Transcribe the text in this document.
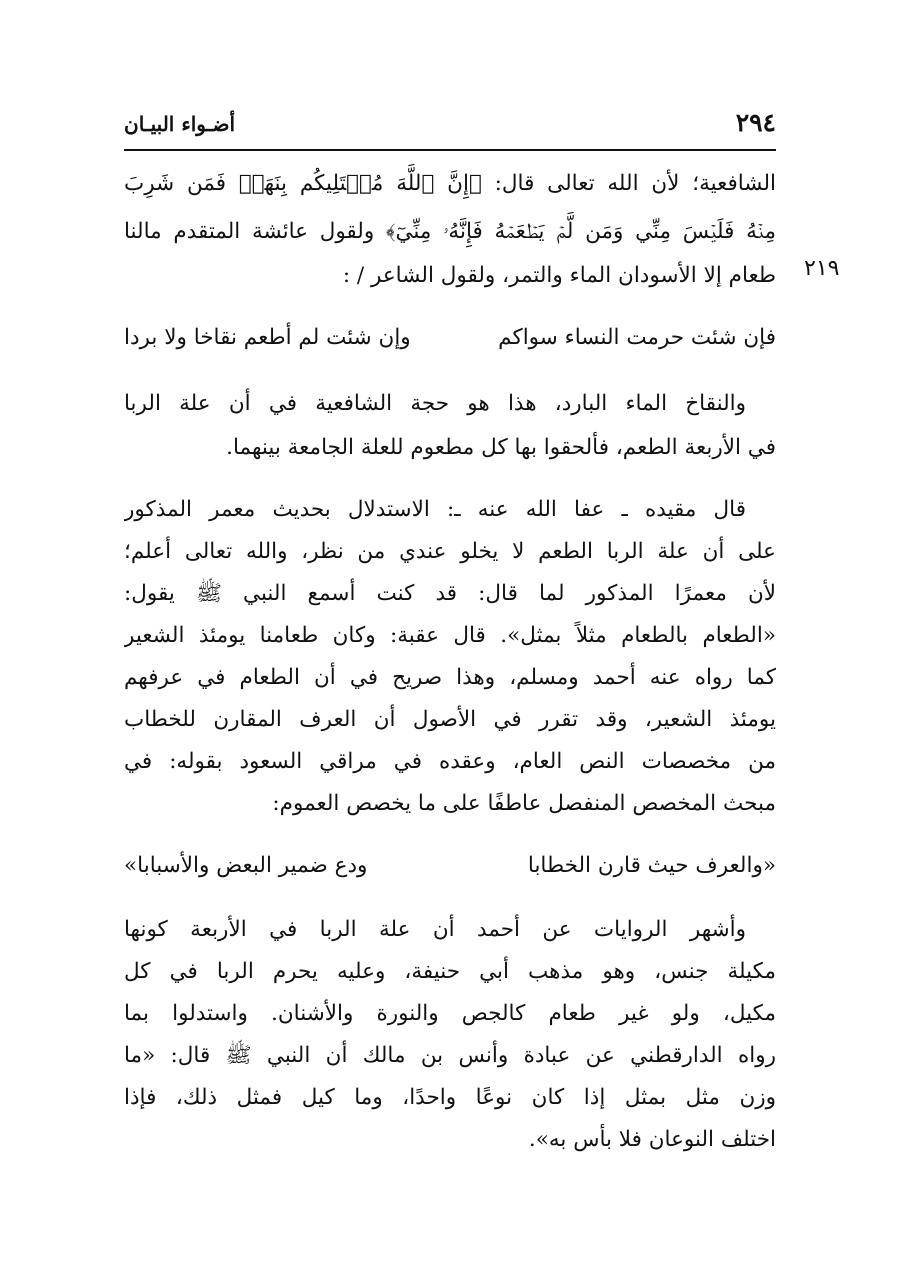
٢٩٤
أضـواء البيـان
الشافعية؛ لأن الله تعالى قال: ﴿إِنَّ ٱللَّهَ مُبۡتَلِيكُم بِنَهَرٖ فَمَن شَرِبَ
مِنۡهُ فَلَيۡسَ مِنِّي وَمَن لَّمۡ يَطۡعَمۡهُ فَإِنَّهُۥ مِنِّيٓ﴾ ولقول عائشة المتقدم مالنا
طعام إلا الأسودان الماء والتمر، ولقول الشاعر / :
فإن شئت حرمت النساء سواكم
وإن شئت لم أطعم نقاخا ولا بردا
والنقاخ الماء البارد، هذا هو حجة الشافعية في أن علة الربا
في الأربعة الطعم، فألحقوا بها كل مطعوم للعلة الجامعة بينهما.
قال مقيده ـ عفا الله عنه ـ: الاستدلال بحديث معمر المذكور
على أن علة الربا الطعم لا يخلو عندي من نظر، والله تعالى أعلم؛
لأن معمرًا المذكور لما قال: قد كنت أسمع النبي ﷺ يقول:
«الطعام بالطعام مثلاً بمثل». قال عقبة: وكان طعامنا يومئذ الشعير
كما رواه عنه أحمد ومسلم، وهذا صريح في أن الطعام في عرفهم
يومئذ الشعير، وقد تقرر في الأصول أن العرف المقارن للخطاب
من مخصصات النص العام، وعقده في مراقي السعود بقوله: في
مبحث المخصص المنفصل عاطفًا على ما يخصص العموم:
«والعرف حيث قارن الخطابا
ودع ضمير البعض والأسبابا»
وأشهر الروايات عن أحمد أن علة الربا في الأربعة كونها
مكيلة جنس، وهو مذهب أبي حنيفة، وعليه يحرم الربا في كل
مكيل، ولو غير طعام كالجص والنورة والأشنان. واستدلوا بما
رواه الدارقطني عن عبادة وأنس بن مالك أن النبي ﷺ قال: «ما
وزن مثل بمثل إذا كان نوعًا واحدًا، وما كيل فمثل ذلك، فإذا
اختلف النوعان فلا بأس به».
٢١٩
